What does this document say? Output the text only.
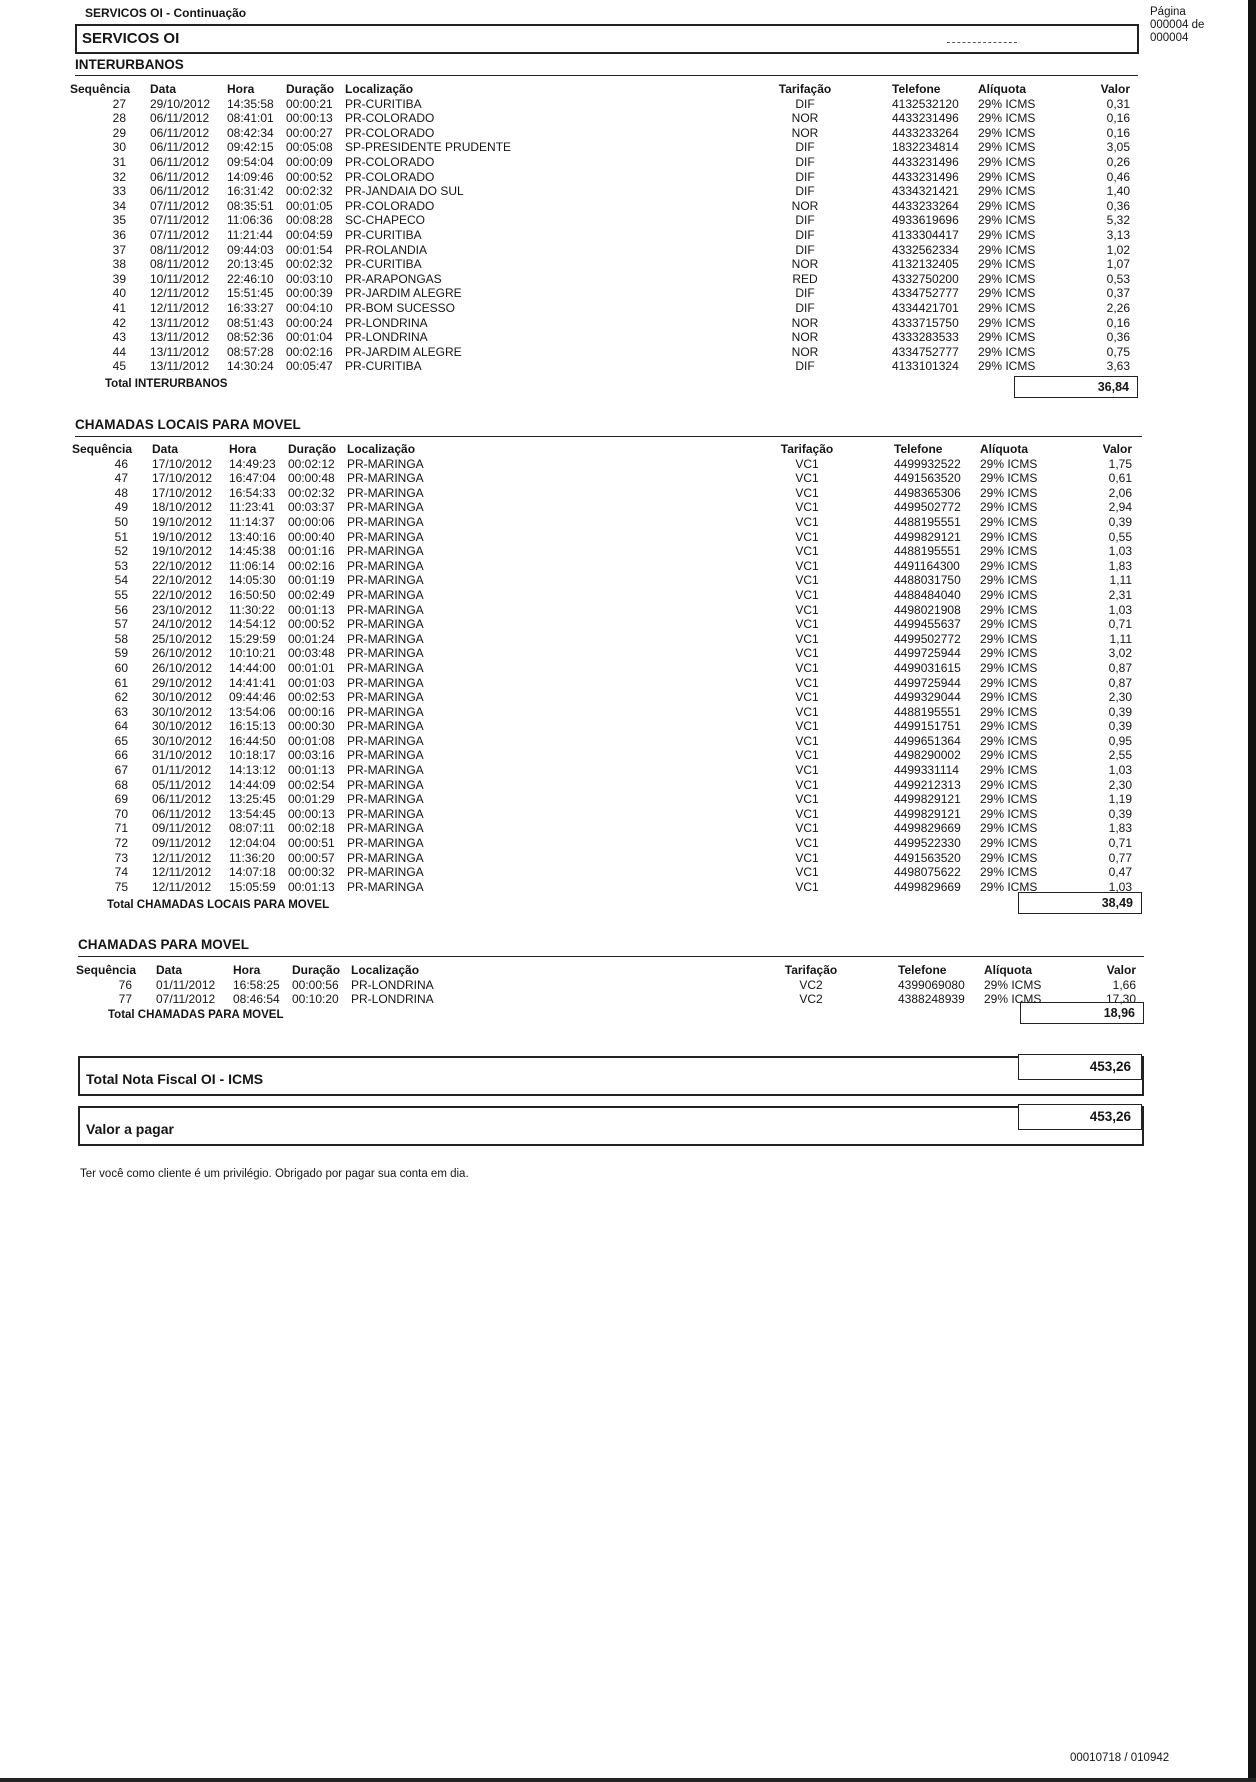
SERVICOS OI - Continuação	Página
000004 de
000004
SERVICOS OI
INTERURBANOS
Sequência Data	Hora	Duração Localização	Tarifação	Telefone	Alíquota	Valor
27 29/10/2012 14:35:58 00:00:21 PR-CURITIBA	DIF	4132532120 29% ICMS	0,31
28 06/11/2012 08:41:01 00:00:13 PR-COLORADO	NOR	4433231496 29% ICMS	0,16
29 06/11/2012 08:42:34 00:00:27 PR-COLORADO	NOR	4433233264 29% ICMS	0,16
30 06/11/2012 09:42:15 00:05:08 SP-PRESIDENTE PRUDENTE	DIF	1832234814 29% ICMS	3,05
31 06/11/2012 09:54:04 00:00:09 PR-COLORADO	DIF	4433231496 29% ICMS	0,26
32 06/11/2012 14:09:46 00:00:52 PR-COLORADO	DIF	4433231496 29% ICMS	0,46
33 06/11/2012 16:31:42 00:02:32 PR-JANDAIA DO SUL	DIF	4334321421 29% ICMS	1,40
34 07/11/2012 08:35:51 00:01:05 PR-COLORADO	NOR	4433233264 29% ICMS	0,36
35 07/11/2012 11:06:36 00:08:28 SC-CHAPECO	DIF	4933619696 29% ICMS	5,32
36 07/11/2012 11:21:44 00:04:59 PR-CURITIBA	DIF	4133304417 29% ICMS	3,13
37 08/11/2012 09:44:03 00:01:54 PR-ROLANDIA	DIF	4332562334 29% ICMS	1,02
38 08/11/2012 20:13:45 00:02:32 PR-CURITIBA	NOR	4132132405 29% ICMS	1,07
39 10/11/2012 22:46:10 00:03:10 PR-ARAPONGAS	RED	4332750200 29% ICMS	0,53
40 12/11/2012 15:51:45 00:00:39 PR-JARDIM ALEGRE	DIF	4334752777 29% ICMS	0,37
41 12/11/2012 16:33:27 00:04:10 PR-BOM SUCESSO	DIF	4334421701 29% ICMS	2,26
42 13/11/2012 08:51:43 00:00:24 PR-LONDRINA	NOR	4333715750 29% ICMS	0,16
43 13/11/2012 08:52:36 00:01:04 PR-LONDRINA	NOR	4333283533 29% ICMS	0,36
44 13/11/2012 08:57:28 00:02:16 PR-JARDIM ALEGRE	NOR	4334752777 29% ICMS	0,75
45 13/11/2012 14:30:24 00:05:47 PR-CURITIBA	DIF	4133101324 29% ICMS	3,63
Total INTERURBANOS	36,84
CHAMADAS LOCAIS PARA MOVEL
Sequência Data	Hora	Duração Localização	Tarifação	Telefone	Alíquota	Valor
46 17/10/2012 14:49:23 00:02:12 PR-MARINGA	VC1	4499932522 29% ICMS	1,75
47 17/10/2012 16:47:04 00:00:48 PR-MARINGA	VC1	4491563520 29% ICMS	0,61
48 17/10/2012 16:54:33 00:02:32 PR-MARINGA	VC1	4498365306 29% ICMS	2,06
49 18/10/2012 11:23:41 00:03:37 PR-MARINGA	VC1	4499502772 29% ICMS	2,94
50 19/10/2012 11:14:37 00:00:06 PR-MARINGA	VC1	4488195551 29% ICMS	0,39
51 19/10/2012 13:40:16 00:00:40 PR-MARINGA	VC1	4499829121 29% ICMS	0,55
52 19/10/2012 14:45:38 00:01:16 PR-MARINGA	VC1	4488195551 29% ICMS	1,03
53 22/10/2012 11:06:14 00:02:16 PR-MARINGA	VC1	4491164300 29% ICMS	1,83
54 22/10/2012 14:05:30 00:01:19 PR-MARINGA	VC1	4488031750 29% ICMS	1,11
55 22/10/2012 16:50:50 00:02:49 PR-MARINGA	VC1	4488484040 29% ICMS	2,31
56 23/10/2012 11:30:22 00:01:13 PR-MARINGA	VC1	4498021908 29% ICMS	1,03
57 24/10/2012 14:54:12 00:00:52 PR-MARINGA	VC1	4499455637 29% ICMS	0,71
58 25/10/2012 15:29:59 00:01:24 PR-MARINGA	VC1	4499502772 29% ICMS	1,11
59 26/10/2012 10:10:21 00:03:48 PR-MARINGA	VC1	4499725944 29% ICMS	3,02
60 26/10/2012 14:44:00 00:01:01 PR-MARINGA	VC1	4499031615 29% ICMS	0,87
61 29/10/2012 14:41:41 00:01:03 PR-MARINGA	VC1	4499725944 29% ICMS	0,87
62 30/10/2012 09:44:46 00:02:53 PR-MARINGA	VC1	4499329044 29% ICMS	2,30
63 30/10/2012 13:54:06 00:00:16 PR-MARINGA	VC1	4488195551 29% ICMS	0,39
64 30/10/2012 16:15:13 00:00:30 PR-MARINGA	VC1	4499151751 29% ICMS	0,39
65 30/10/2012 16:44:50 00:01:08 PR-MARINGA	VC1	4499651364 29% ICMS	0,95
66 31/10/2012 10:18:17 00:03:16 PR-MARINGA	VC1	4498290002 29% ICMS	2,55
67 01/11/2012 14:13:12 00:01:13 PR-MARINGA	VC1	4499331114 29% ICMS	1,03
68 05/11/2012 14:44:09 00:02:54 PR-MARINGA	VC1	4499212313 29% ICMS	2,30
69 06/11/2012 13:25:45 00:01:29 PR-MARINGA	VC1	4499829121 29% ICMS	1,19
70 06/11/2012 13:54:45 00:00:13 PR-MARINGA	VC1	4499829121 29% ICMS	0,39
71 09/11/2012 08:07:11 00:02:18 PR-MARINGA	VC1	4499829669 29% ICMS	1,83
72 09/11/2012 12:04:04 00:00:51 PR-MARINGA	VC1	4499522330 29% ICMS	0,71
73 12/11/2012 11:36:20 00:00:57 PR-MARINGA	VC1	4491563520 29% ICMS	0,77
74 12/11/2012 14:07:18 00:00:32 PR-MARINGA	VC1	4498075622 29% ICMS	0,47
75 12/11/2012 15:05:59 00:01:13 PR-MARINGA	VC1	4499829669 29% ICMS	1,03
Total CHAMADAS LOCAIS PARA MOVEL	38,49
CHAMADAS PARA MOVEL
Sequência Data	Hora	Duração Localização	Tarifação	Telefone	Alíquota	Valor
76 01/11/2012 16:58:25 00:00:56 PR-LONDRINA	VC2	4399069080 29% ICMS	1,66
77 07/11/2012 08:46:54 00:10:20 PR-LONDRINA	VC2	4388248939 29% ICMS	17,30
Total CHAMADAS PARA MOVEL	18,96
Total Nota Fiscal OI - ICMS
453,26
Valor a pagar
453,26
Ter você como cliente é um privilégio. Obrigado por pagar sua conta em dia.
00010718 / 010942
